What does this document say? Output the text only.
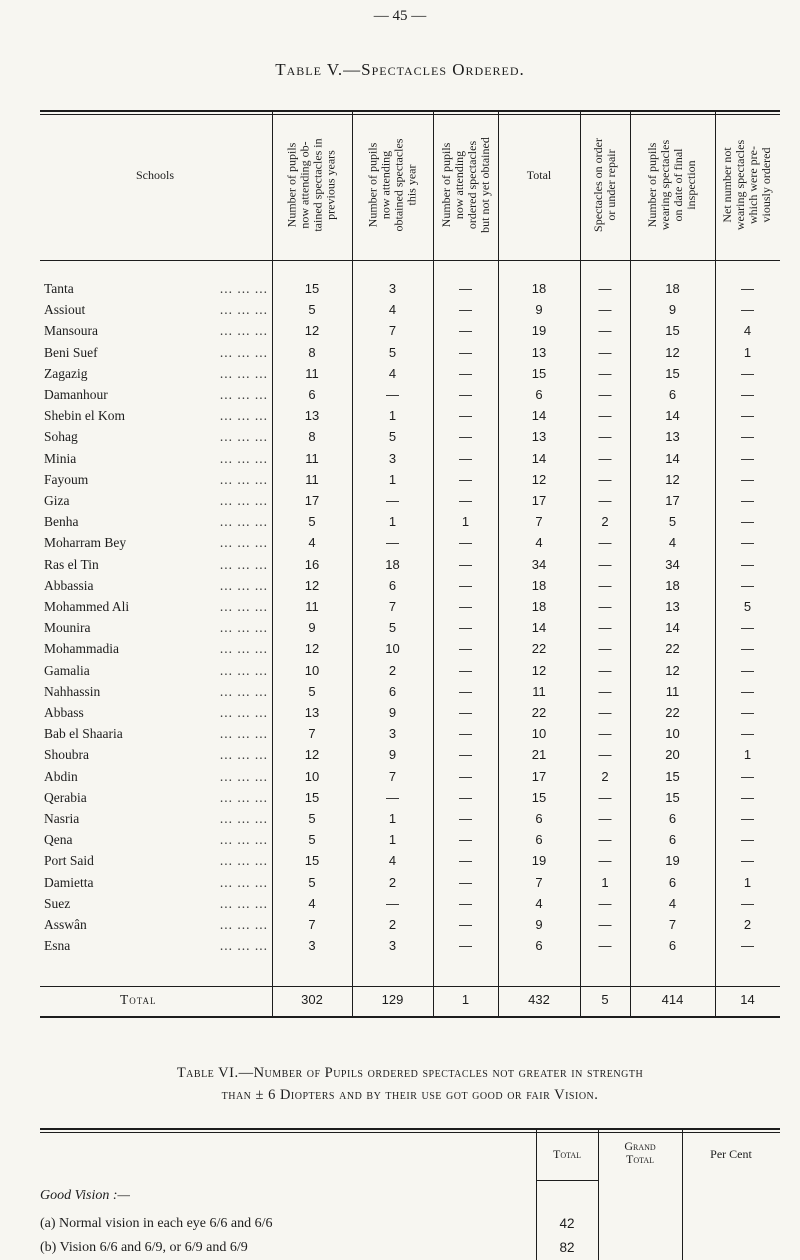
— 45 —
Table V.—Spectacles Ordered.
Schools
Number of pupils
now attending ob-
tained spectacles in
previous years
Number of pupils
now attending
obtained spectacles
this year
Number of pupils
now attending
ordered spectacles
but not yet obtained	Total
Spectacles on order
or under repair
Number of pupils
wearing spectacles
on date of final
inspection
Net number not
wearing spectacles
which were pre-
viously ordered
Tanta	... ... ...	15	3	—	18	—	18	—
Assiout	... ... ...	5	4	—	9	—	9	—
Mansoura	... ... ...	12	7	—	19	—	15	4
Beni Suef	... ... ...	8	5	—	13	—	12	1
Zagazig	... ... ...	11	4	—	15	—	15	—
Damanhour	... ... ...	6	—	—	6	—	6	—
Shebin el Kom	... ... ...	13	1	—	14	—	14	—
Sohag	... ... ...	8	5	—	13	—	13	—
Minia	... ... ...	11	3	—	14	—	14	—
Fayoum	... ... ...	11	1	—	12	—	12	—
Giza	... ... ...	17	—	—	17	—	17	—
Benha	... ... ...	5	1	1	7	2	5	—
Moharram Bey	... ... ...	4	—	—	4	—	4	—
Ras el Tin	... ... ...	16	18	—	34	—	34	—
Abbassia	... ... ...	12	6	—	18	—	18	—
Mohammed Ali	... ... ...	11	7	—	18	—	13	5
Mounira	... ... ...	9	5	—	14	—	14	—
Mohammadia	... ... ...	12	10	—	22	—	22	—
Gamalia	... ... ...	10	2	—	12	—	12	—
Nahhassin	... ... ...	5	6	—	11	—	11	—
Abbass	... ... ...	13	9	—	22	—	22	—
Bab el Shaaria	... ... ...	7	3	—	10	—	10	—
Shoubra	... ... ...	12	9	—	21	—	20	1
Abdin	... ... ...	10	7	—	17	2	15	—
Qerabia	... ... ...	15	—	—	15	—	15	—
Nasria	... ... ...	5	1	—	6	—	6	—
Qena	... ... ...	5	1	—	6	—	6	—
Port Said	... ... ...	15	4	—	19	—	19	—
Damietta	... ... ...	5	2	—	7	1	6	1
Suez	... ... ...	4	—	—	4	—	4	—
Asswân	... ... ...	7	2	—	9	—	7	2
Esna	... ... ...	3	3	—	6	—	6	—
Total	302	129	1	432	5	414	14
Table VI.—Number of Pupils ordered spectacles not greater in strength
than ± 6 Diopters and by their use got good or fair Vision.
Total
Grand
Total	Per Cent
Good Vision :—
(a) Normal vision in each eye 6/6 and 6/6	42
(b) Vision 6/6 and 6/9, or 6/9 and 6/9	82
